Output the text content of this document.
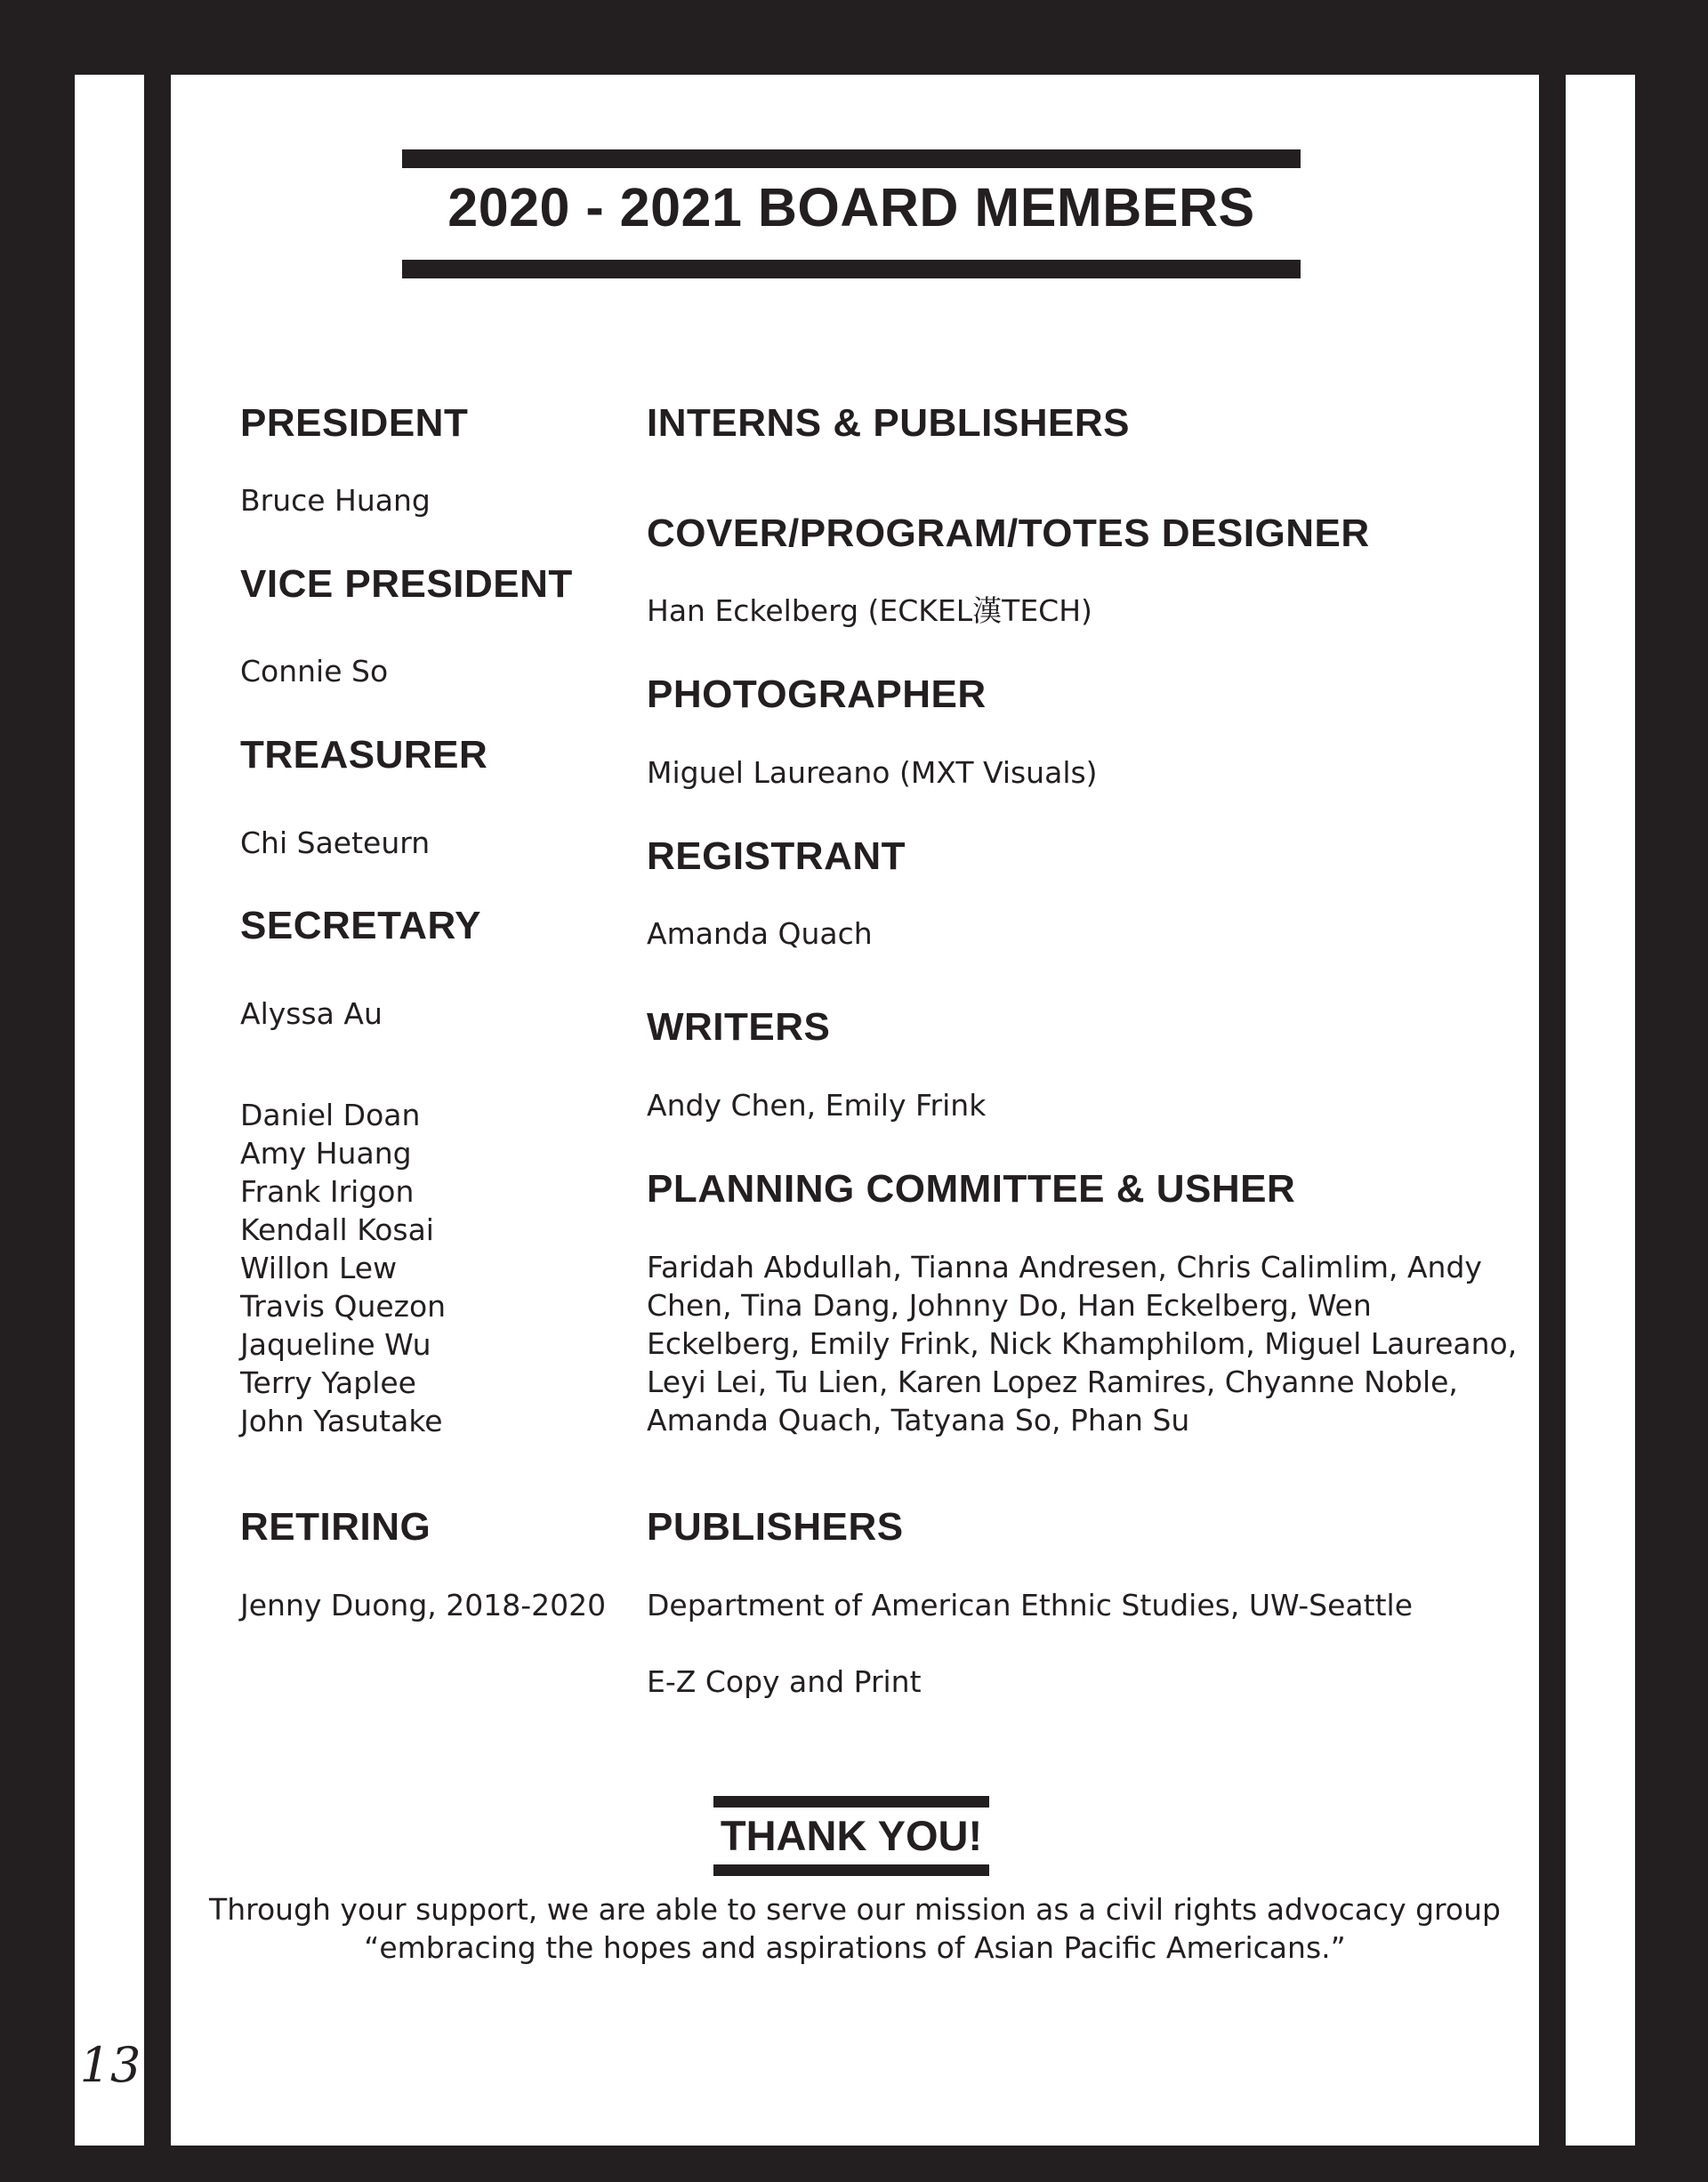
13
2020 - 2021 BOARD MEMBERS
PRESIDENT
Bruce Huang
VICE PRESIDENT
Connie So
TREASURER
Chi Saeteurn
SECRETARY
Alyssa Au
Daniel Doan
Amy Huang
Frank Irigon
Kendall Kosai
Willon Lew
Travis Quezon
Jaqueline Wu
Terry Yaplee
John Yasutake
RETIRING
Jenny Duong, 2018-2020
INTERNS & PUBLISHERS
COVER/PROGRAM/TOTES DESIGNER
Han Eckelberg (ECKEL漢TECH)
PHOTOGRAPHER
Miguel Laureano (MXT Visuals)
REGISTRANT
Amanda Quach
WRITERS
Andy Chen, Emily Frink
PLANNING COMMITTEE & USHER
Faridah Abdullah, Tianna Andresen, Chris Calimlim, Andy
Chen, Tina Dang, Johnny Do, Han Eckelberg, Wen
Eckelberg, Emily Frink, Nick Khamphilom, Miguel Laureano,
Leyi Lei, Tu Lien, Karen Lopez Ramires, Chyanne Noble,
Amanda Quach, Tatyana So, Phan Su
PUBLISHERS
Department of American Ethnic Studies, UW-Seattle
E-Z Copy and Print
THANK YOU!
Through your support, we are able to serve our mission as a civil rights advocacy group
“embracing the hopes and aspirations of Asian Pacific Americans.”
